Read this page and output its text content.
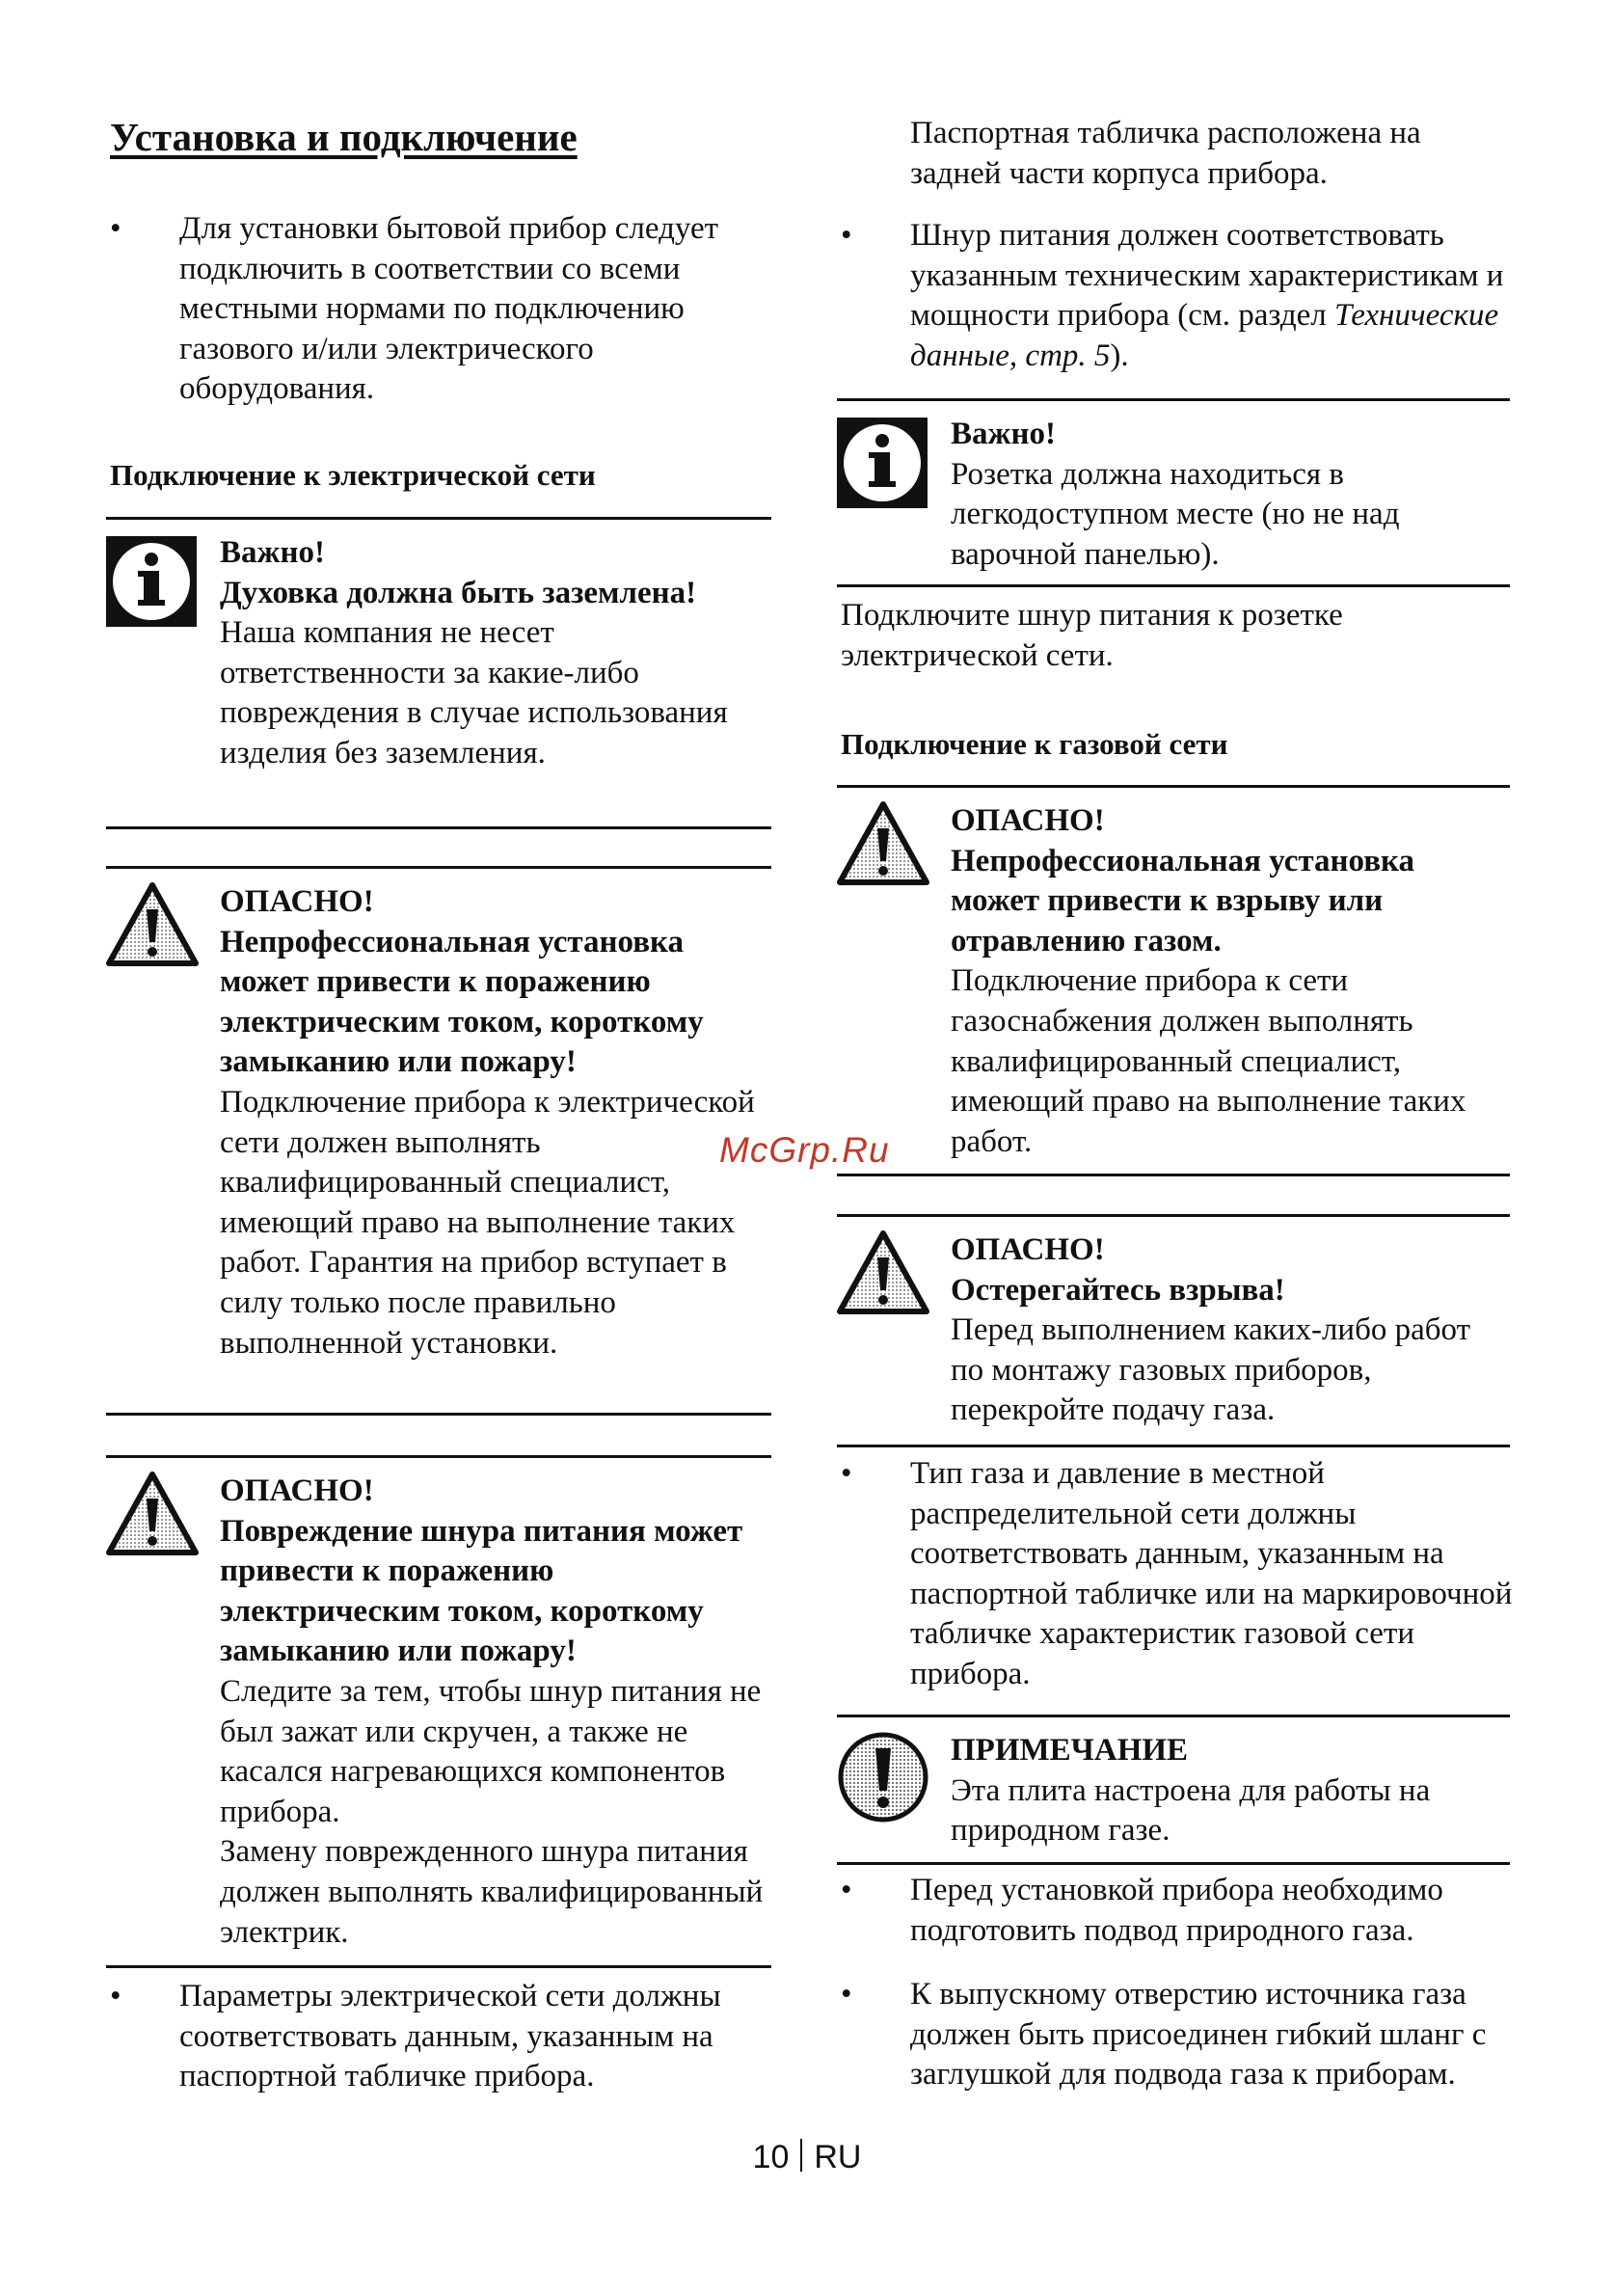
Установка и подключение
• Для установки бытовой прибор следует подключить в соответствии со всеми местными нормами по подключению газового и/или электрического оборудования.
Подключение к электрической сети
Важно!
Духовка должна быть заземлена!
Наша компания не несет ответственности за какие-либо повреждения в случае использования изделия без заземления.
ОПАСНО!
Непрофессиональная установка может привести к поражению электрическим током, короткому замыканию или пожару!
Подключение прибора к электрической сети должен выполнять квалифицированный специалист, имеющий право на выполнение таких работ. Гарантия на прибор вступает в силу только после правильно выполненной установки.
ОПАСНО!
Повреждение шнура питания может привести к поражению электрическим током, короткому замыканию или пожару!
Следите за тем, чтобы шнур питания не был зажат или скручен, а также не касался нагревающихся компонентов прибора.
Замену поврежденного шнура питания должен выполнять квалифицированный электрик.
• Параметры электрической сети должны соответствовать данным, указанным на паспортной табличке прибора.
Паспортная табличка расположена на задней части корпуса прибора.
• Шнур питания должен соответствовать указанным техническим характеристикам и мощности прибора (см. раздел Технические данные, стр. 5).
Важно!
Розетка должна находиться в легкодоступном месте (но не над варочной панелью).
Подключите шнур питания к розетке электрической сети.
Подключение к газовой сети
ОПАСНО!
Непрофессиональная установка может привести к взрыву или отравлению газом.
Подключение прибора к сети газоснабжения должен выполнять квалифицированный специалист, имеющий право на выполнение таких работ.
ОПАСНО!
Остерегайтесь взрыва!
Перед выполнением каких-либо работ по монтажу газовых приборов, перекройте подачу газа.
• Тип газа и давление в местной распределительной сети должны соответствовать данным, указанным на паспортной табличке или на маркировочной табличке характеристик газовой сети прибора.
ПРИМЕЧАНИЕ
Эта плита настроена для работы на природном газе.
• Перед установкой прибора необходимо подготовить подвод природного газа.
• К выпускному отверстию источника газа должен быть присоединен гибкий шланг с заглушкой для подвода газа к приборам.
McGrp.Ru
10 RU
